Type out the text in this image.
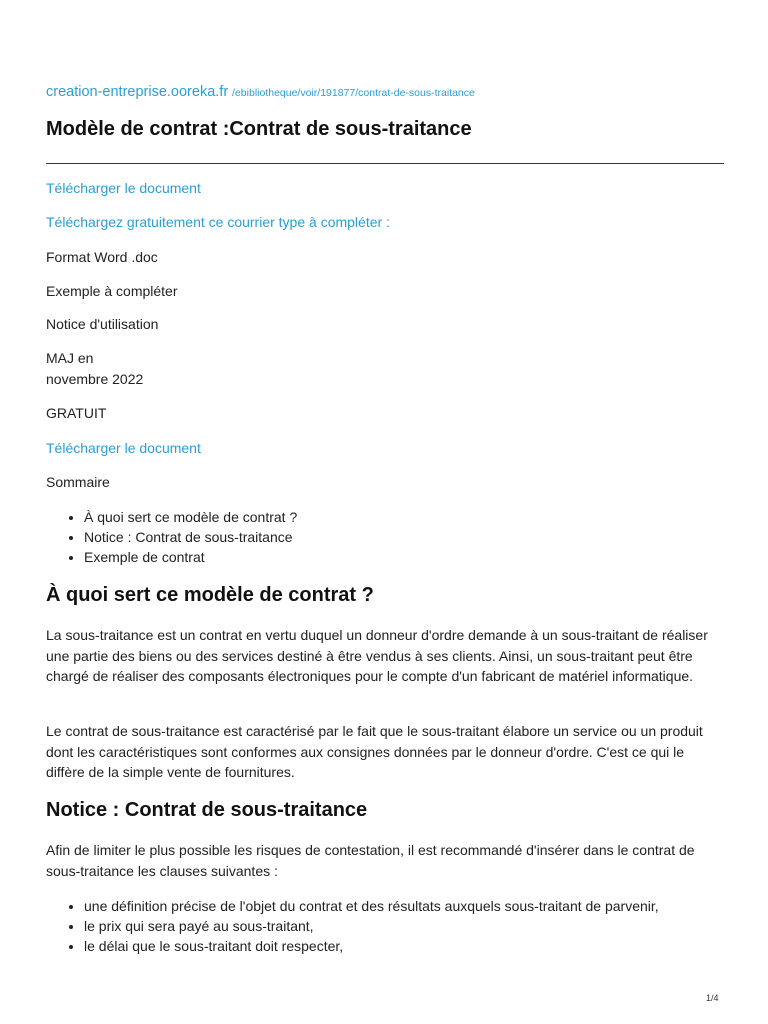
creation-entreprise.ooreka.fr /ebibliotheque/voir/191877/contrat-de-sous-traitance
Modèle de contrat :Contrat de sous-traitance
Télécharger le document
Téléchargez gratuitement ce courrier type à compléter :
Format Word .doc
Exemple à compléter
Notice d'utilisation
MAJ en
novembre 2022
GRATUIT
Télécharger le document
Sommaire
• À quoi sert ce modèle de contrat ?
• Notice : Contrat de sous-traitance
• Exemple de contrat
À quoi sert ce modèle de contrat ?
La sous-traitance est un contrat en vertu duquel un donneur d'ordre demande à un sous-traitant de réaliser une partie des biens ou des services destiné à être vendus à ses clients. Ainsi, un sous-traitant peut être chargé de réaliser des composants électroniques pour le compte d'un fabricant de matériel informatique.
Le contrat de sous-traitance est caractérisé par le fait que le sous-traitant élabore un service ou un produit dont les caractéristiques sont conformes aux consignes données par le donneur d'ordre. C'est ce qui le diffère de la simple vente de fournitures.
Notice : Contrat de sous-traitance
Afin de limiter le plus possible les risques de contestation, il est recommandé d'insérer dans le contrat de sous-traitance les clauses suivantes :
• une définition précise de l'objet du contrat et des résultats auxquels sous-traitant de parvenir,
• le prix qui sera payé au sous-traitant,
• le délai que le sous-traitant doit respecter,
1/4
